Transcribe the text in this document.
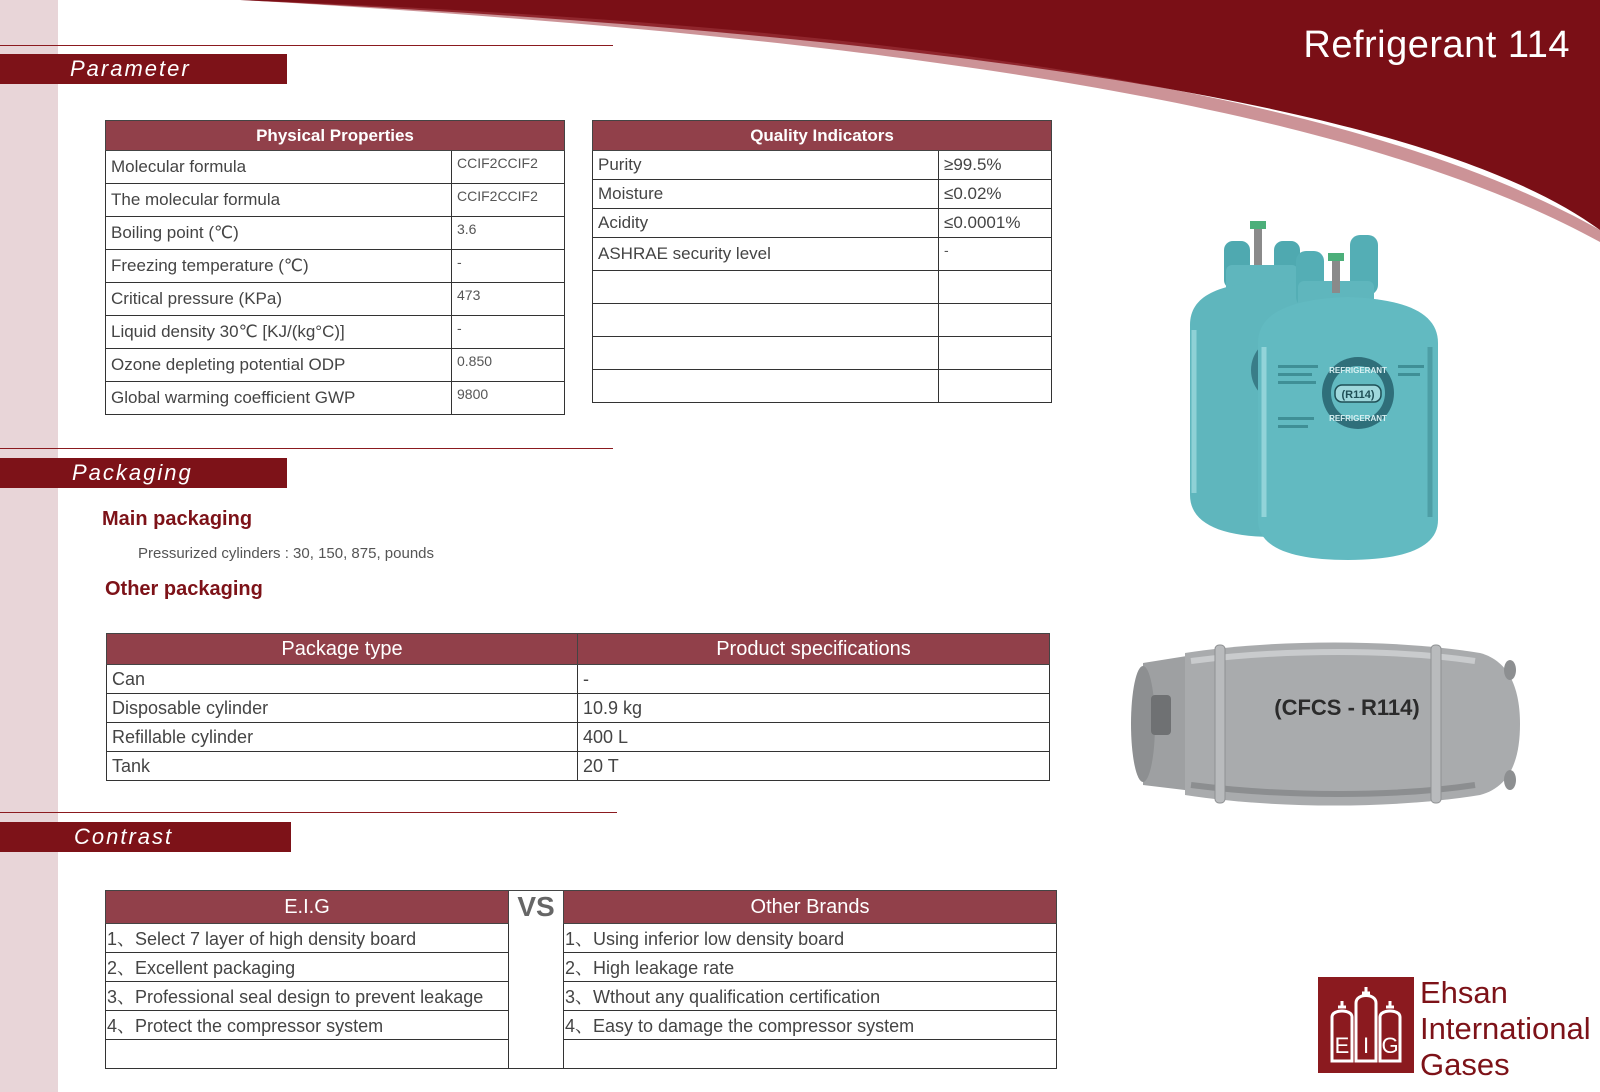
Refrigerant 114
Parameter
Physical Properties	
Molecular formula	CCIF2CCIF2
The molecular formula	CCIF2CCIF2
Boiling point (℃)	3.6
Freezing temperature (℃)	-
Critical pressure (KPa)	473
Liquid density 30℃ [KJ/(kg°C)]	-
Ozone depleting potential ODP	0.850
Global warming coefficient GWP	9800
Quality Indicators	
Purity	≥99.5%
Moisture	≤0.02%
Acidity	≤0.0001%
ASHRAE security level	-

Packaging
Main packaging
Pressurized cylinders : 30, 150, 875, pounds
Other packaging
Package type	Product specifications
Can	-
Disposable cylinder	10.9 kg
Refillable cylinder	400 L
Tank	20 T
Contrast
E.I.G	VS	Other Brands
1、Select 7 layer of high density board		1、Using inferior low density board
2、Excellent packaging		2、High leakage rate
3、Professional seal design to prevent leakage		3、Wthout any qualification certification
4、Protect the compressor system		4、Easy to damage the compressor system

(R114)
REFRIGERANT
REFRIGERANT
(CFCS - R114)
E I G
Ehsan
International
Gases
